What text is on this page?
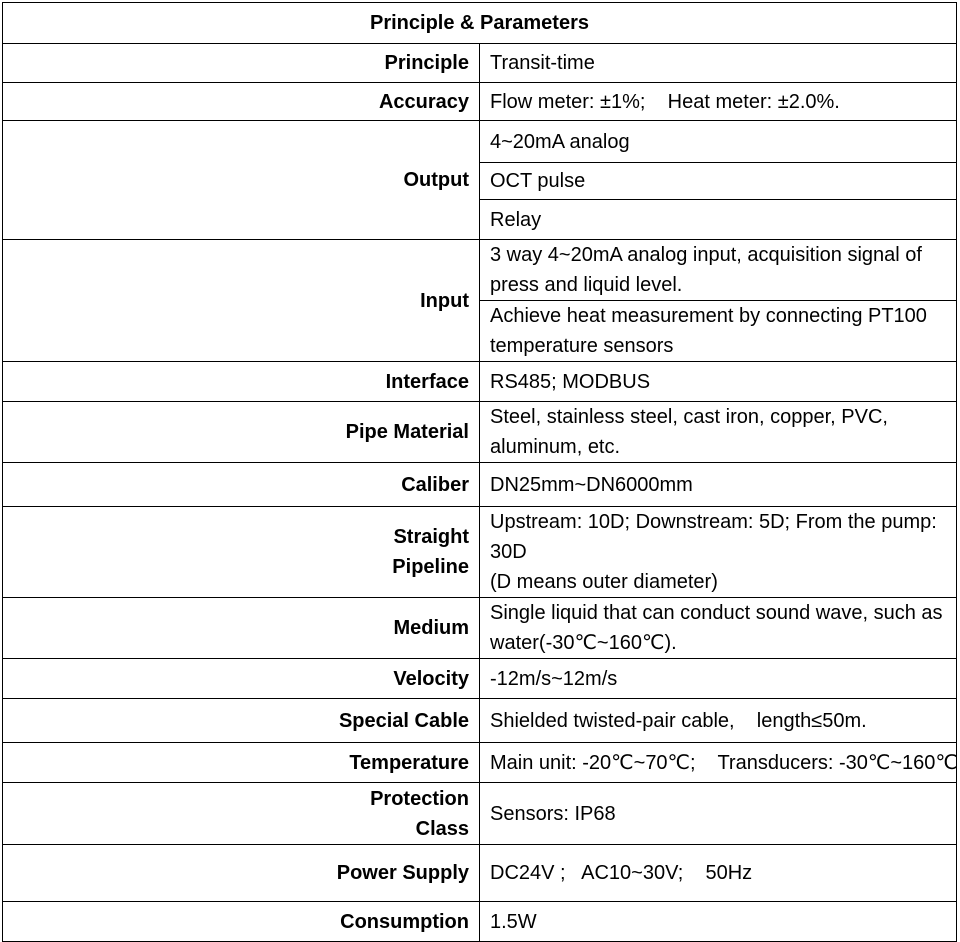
Principle & Parameters	
Principle	Transit-time
Accuracy	Flow meter: ±1%;    Heat meter: ±2.0%.
Output	4~20mA analog
	OCT pulse
	Relay
Input	3 way 4~20mA analog input, acquisition signal of press and liquid level.
	Achieve heat measurement by connecting PT100 temperature sensors
Interface	RS485; MODBUS
Pipe Material	Steel, stainless steel, cast iron, copper, PVC, aluminum, etc.
Caliber	DN25mm~DN6000mm

Straight
Pipeline	Upstream: 10D; Downstream: 5D; From the pump: 30D
(D means outer diameter)

Medium	Single liquid that can conduct sound wave, such as water(-30℃~160℃).
Velocity	-12m/s~12m/s
Special Cable	Shielded twisted-pair cable,    length≤50m.
Temperature	Main unit: -20℃~70℃;    Transducers: -30℃~160℃

Protection
Class	Sensors: IP68
Power Supply	DC24V ;   AC10~30V;    50Hz
Consumption	1.5W
